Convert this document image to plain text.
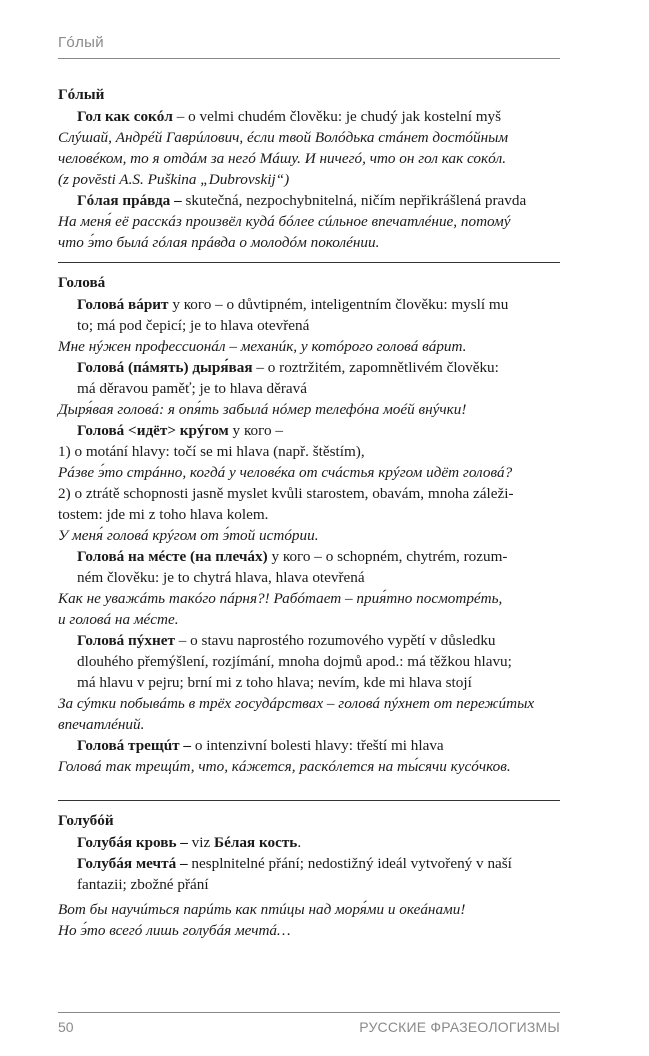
Гóлый

Гóлый

Гол как сокóл – o velmi chudém člověku: je chudý jak kostelní myš

Слýшай, Андрéй Гаврúлович, éсли твой Волóдька стáнет достóйным

человéком, то я отдáм за негó Мáшу. И ничегó, что он гол как сокóл.

(z povĕsti A.S. Puškina „Dubrovskij“)

Гóлая прáвда – skutečná, nezpochybnitelná, ničím nepřikrášlená pravda

На меня́ её расскáз произвёл кудá бóлее сúльное впечатлéние, потомý

что э́то былá гóлая прáвда о молодóм поколéнии.

Головá

Головá вáрит у кого – o důvtipném, inteligentním člověku: myslí mu

to; má pod čepicí; je to hlava otevřená

Мне нýжен профессионáл – механúк, у котóрого головá вáрит.

Головá (пáмять) дыря́вая – o roztržitém, zapomnětlivém člověku:

má děravou paměť; je to hlava děravá

Дыря́вая головá: я опя́ть забылá нóмер телефóна моéй внýчки!

Головá <идёт> крýгом у кого –

1) o motání hlavy: točí se mi hlava (např. štěstím),

Рáзве э́то стрáнно, когдá у человéка от счáстья крýгом идёт головá?

2) o ztrátě schopnosti jasně myslet kvůli starostem, obavám, mnoha záleži-

tostem: jde mi z toho hlava kolem.

У меня́ головá крýгом от э́той истóрии.

Головá на мéсте (на плечáх) у кого – o schopném, chytrém, rozum-

ném člověku: je to chytrá hlava, hlava otevřená

Как не уважáть такóго пáрня?! Рабóтает – прия́тно посмотрéть,

и головá на мéсте.

Головá пýхнет – o stavu naprostého rozumového vypětí v důsledku

dlouhého přemýšlení, rozjímání, mnoha dojmů apod.: má těžkou hlavu;

má hlavu v pejru; brní mi z toho hlava; nevím, kde mi hlava stojí

За сýтки побывáть в трёх госудáрствах – головá пýхнет от пережúтых

впечатлéний.

Головá трещúт – o intenzivní bolesti hlavy: třeští mi hlava

Головá так трещúт, что, кáжется, раскóлется на ты́сячи кусóчков.

Голубóй

Голубáя кровь – viz Бéлая кость.

Голубáя мечтá – nesplnitelné přání; nedostižný ideál vytvořený v naší

fantazii; zbožné přání

Вот бы научúться парúть как птúцы над моря́ми и океáнами!

Но э́то всегó лишь голубáя мечтá…

50	РУССКИЕ ФРАЗЕОЛОГИЗМЫ
